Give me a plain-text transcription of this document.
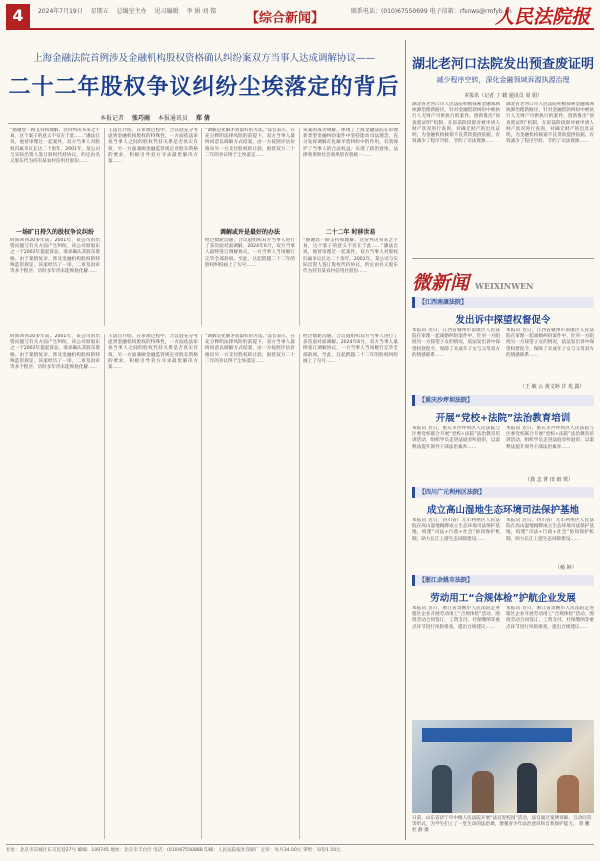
4	2024年7月19日 星期五 总编室主办 见习编辑 李 娟 刘 铭	【综合新闻】	联系电话：(010)67550699 电子信箱：rfsnws@rmfyb.cn
人民法院报
上海金融法院首例涉及金融机构股权资格确认纠纷案双方当事人达成调解协议——
二十二年股权争议纠纷尘埃落定的背后
本报记者 张巧雨 本报通讯员 郑 倩
“感谢您一路支持和理解，这份判决书来之不易，这个案子的意义不仅在于此……”潘法官说，他曾审理过一起案件，双方当事人对股权归属争议长达二十余年。2001年，某公司与实际出资人签订股权代持协议，约定由名义股东代为持有某农村信用社股份……
一场旷日持久的股权争议纠纷
时间回到20多年前。2001年，某公司因出资问题与有关方面产生纠纷，该公司原股东之一于2002年提起诉讼，请求确认其股东资格。由于案情复杂、涉及金融机构股权的特殊监管规定，该案经历了一审、二审及再审等多个程序，历时多年仍未能彻底化解……
王法官介绍，在审理过程中，合议庭充分考虑到金融机构股权的特殊性，一方面依法审查当事人之间的股权代持关系是否真实有效，另一方面兼顾金融监管规定对股东资格的要求，积极引导双方寻求最优解决方案……
调解或许是最好的办法
“调解是化解矛盾最好的方法。”法官表示，在充分释明法律风险的前提下，双方当事人最终同意以调解方式结案，由一方按照评估价格向另一方支付股权转让款，困扰双方二十二年的争议终于尘埃落定……
经过数轮沟通，合议庭组织双方当事人进行了多次面对面调解。2024年6月，双方当事人最终签订调解协议，一方当事人当场履行完毕全部款项。至此，这起跨越二十二年的股权纠纷画上了句号……
二十二年 时移世易
该案的成功调解，体现了上海金融法院在审理新类型金融纠纷案件中坚持能动司法理念，充分发挥调解在化解矛盾纠纷中的作用，有效保护了当事人的合法权益，实现了政治效果、法律效果和社会效果的有机统一……
“感谢您一路支持和理解，这份判决书来之不易，这个案子的意义不仅在于此……”潘法官说，他曾审理过一起案件，双方当事人对股权归属争议长达二十余年。2001年，某公司与实际出资人签订股权代持协议，约定由名义股东代为持有某农村信用社股份……
时间回到20多年前。2001年，某公司因出资问题与有关方面产生纠纷，该公司原股东之一于2002年提起诉讼，请求确认其股东资格。由于案情复杂、涉及金融机构股权的特殊监管规定，该案经历了一审、二审及再审等多个程序，历时多年仍未能彻底化解……
王法官介绍，在审理过程中，合议庭充分考虑到金融机构股权的特殊性，一方面依法审查当事人之间的股权代持关系是否真实有效，另一方面兼顾金融监管规定对股东资格的要求，积极引导双方寻求最优解决方案……
“调解是化解矛盾最好的方法。”法官表示，在充分释明法律风险的前提下，双方当事人最终同意以调解方式结案，由一方按照评估价格向另一方支付股权转让款，困扰双方二十二年的争议终于尘埃落定……
经过数轮沟通，合议庭组织双方当事人进行了多次面对面调解。2024年6月，双方当事人最终签订调解协议，一方当事人当场履行完毕全部款项。至此，这起跨越二十二年的股权纠纷画上了句号……
湖北老河口法院发出预查废证明
减少程序空转，深化金融领域诉源执源治理
本报讯（记者 丁 鹤 通讯员 周 娟）
湖北省老河口市人民法院积极探索金融领域执源治理新路径，针对金融借款纠纷中被执行人无财产可供执行的案件，创新推出“预查废证明”机制，在诉前阶段即对被申请人财产状况进行查询，对确无财产的出具证明，为金融机构核销不良贷款提供依据，有效减少了程序空转，节约了司法资源……
湖北省老河口市人民法院积极探索金融领域执源治理新路径，针对金融借款纠纷中被执行人无财产可供执行的案件，创新推出“预查废证明”机制，在诉前阶段即对被申请人财产状况进行查询，对确无财产的出具证明，为金融机构核销不良贷款提供依据，有效减少了程序空转，节约了司法资源……
微新闻 WEIXINWEN
【江西南康法院】
发出诉中探望权督促令
本报讯 近日，江西省赣州市南康区人民法院在审理一起离婚纠纷案件中，针对一方阻挠另一方探望子女的情况，依法发出诉中探望权督促令，保障了未成年子女与父母双方的情感联系……
本报讯 近日，江西省赣州市南康区人民法院在审理一起离婚纠纷案件中，针对一方阻挠另一方探望子女的情况，依法发出诉中探望权督促令，保障了未成年子女与父母双方的情感联系……
（王 敏 云 黄文婷 甘 兆 露）
【重庆沙坪坝法院】
开展“党校+法院”法治教育培训
本报讯 近日，重庆市沙坪坝区人民法院与区委党校联合开展“党校+法院”法治教育培训活动，组织学员走进法庭旁听庭审，以案释法提升领导干部法治素养……
本报讯 近日，重庆市沙坪坝区人民法院与区委党校联合开展“党校+法院”法治教育培训活动，组织学员走进法庭旁听庭审，以案释法提升领导干部法治素养……
（龚 志 菁 田 雨 琪）
【四川广元利州区法院】
成立高山湿地生态环境司法保护基地
本报讯 近日，四川省广元市利州区人民法院在高山湿地揭牌成立生态环境司法保护基地，构建“司法+行政+社会”协同保护机制，助力长江上游生态屏障建设……
本报讯 近日，四川省广元市利州区人民法院在高山湿地揭牌成立生态环境司法保护基地，构建“司法+行政+社会”协同保护机制，助力长江上游生态屏障建设……
（杨 婷）
【浙江余姚市法院】
劳动用工“合规体检”护航企业发展
本报讯 近日，浙江省余姚市人民法院走进辖区企业开展劳动用工“合规体检”活动，围绕劳动合同签订、工资支付、社保缴纳等重点环节进行风险排查，提出合规建议……
本报讯 近日，浙江省余姚市人民法院走进辖区企业开展劳动用工“合规体检”活动，围绕劳动合同签订、工资支付、社保缴纳等重点环节进行风险排查，提出合规建议……
日前，山东省济宁市中级人民法院开展“法官进校园”活动，法官通过案例讲解、互动问答等形式，为学生们上了一堂生动的法治课，增强青少年法治意识和自我保护能力。 蒋 鹏 杜 静 摄
社址：北京市东城区东交民巷27号 邮编：100745 地址：北京市丰台区 电话：(010)67550888 印刷：人民法院报社印刷厂 定价：每月34.00元 零售：每份1.50元
